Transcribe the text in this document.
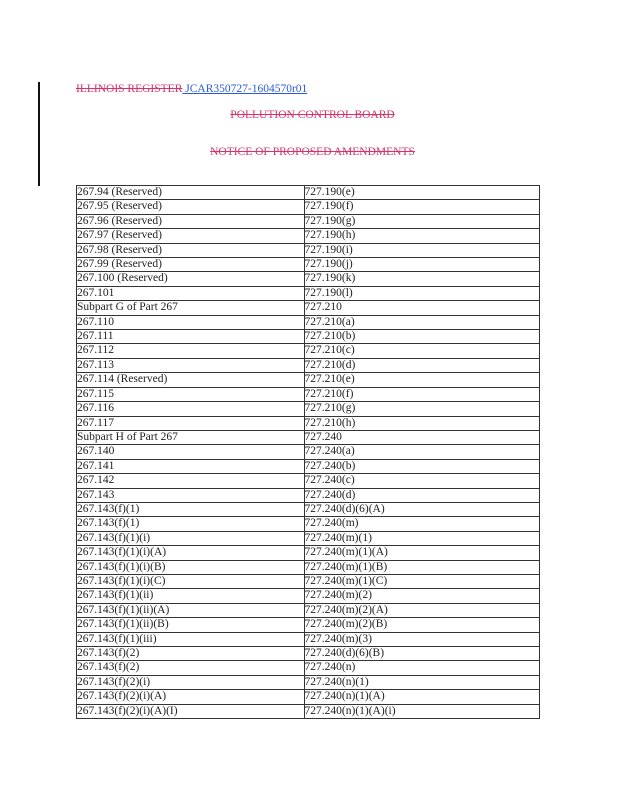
ILLINOIS REGISTER JCAR350727-1604570r01
POLLUTION CONTROL BOARD
NOTICE OF PROPOSED AMENDMENTS
267.94 (Reserved)	727.190(e)
267.95 (Reserved)	727.190(f)
267.96 (Reserved)	727.190(g)
267.97 (Reserved)	727.190(h)
267.98 (Reserved)	727.190(i)
267.99 (Reserved)	727.190(j)
267.100 (Reserved)	727.190(k)
267.101	727.190(l)
Subpart G of Part 267	727.210
267.110	727.210(a)
267.111	727.210(b)
267.112	727.210(c)
267.113	727.210(d)
267.114 (Reserved)	727.210(e)
267.115	727.210(f)
267.116	727.210(g)
267.117	727.210(h)
Subpart H of Part 267	727.240
267.140	727.240(a)
267.141	727.240(b)
267.142	727.240(c)
267.143	727.240(d)
267.143(f)(1)	727.240(d)(6)(A)
267.143(f)(1)	727.240(m)
267.143(f)(1)(i)	727.240(m)(1)
267.143(f)(1)(i)(A)	727.240(m)(1)(A)
267.143(f)(1)(i)(B)	727.240(m)(1)(B)
267.143(f)(1)(i)(C)	727.240(m)(1)(C)
267.143(f)(1)(ii)	727.240(m)(2)
267.143(f)(1)(ii)(A)	727.240(m)(2)(A)
267.143(f)(1)(ii)(B)	727.240(m)(2)(B)
267.143(f)(1)(iii)	727.240(m)(3)
267.143(f)(2)	727.240(d)(6)(B)
267.143(f)(2)	727.240(n)
267.143(f)(2)(i)	727.240(n)(1)
267.143(f)(2)(i)(A)	727.240(n)(1)(A)
267.143(f)(2)(i)(A)(I)	727.240(n)(1)(A)(i)
